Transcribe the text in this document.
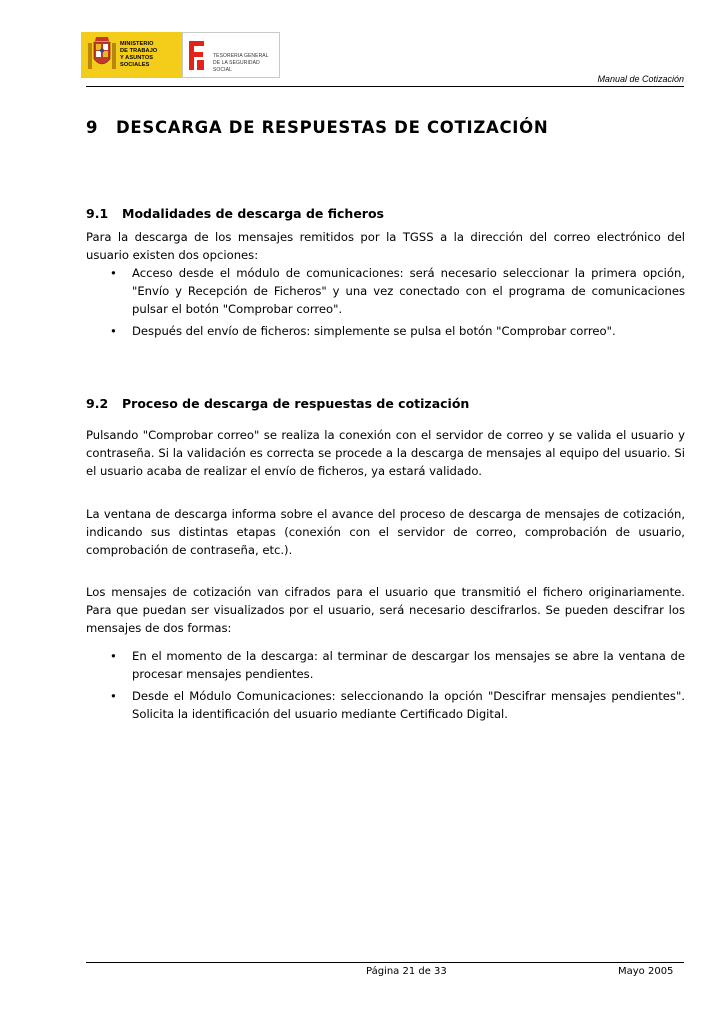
MINISTERIO
DE TRABAJO
Y ASUNTOS SOCIALES
TESORERIA GENERAL
DE LA SEGURIDAD SOCIAL
Manual de Cotización
9 DESCARGA DE RESPUESTAS DE COTIZACIÓN
9.1 Modalidades de descarga de ficheros

Para la descarga de los mensajes remitidos por la TGSS a la dirección del correo electrónico del usuario existen dos opciones:

• Acceso desde el módulo de comunicaciones: será necesario seleccionar la primera opción, "Envío y Recepción de Ficheros" y una vez conectado con el programa de comunicaciones pulsar el botón "Comprobar correo".
• Después del envío de ficheros: simplemente se pulsa el botón "Comprobar correo".
9.2 Proceso de descarga de respuestas de cotización

Pulsando "Comprobar correo" se realiza la conexión con el servidor de correo y se valida el usuario y contraseña. Si la validación es correcta se procede a la descarga de mensajes al equipo del usuario. Si el usuario acaba de realizar el envío de ficheros, ya estará validado.

La ventana de descarga informa sobre el avance del proceso de descarga de mensajes de cotización, indicando sus distintas etapas (conexión con el servidor de correo, comprobación de usuario, comprobación de contraseña, etc.).

Los mensajes de cotización van cifrados para el usuario que transmitió el fichero originariamente. Para que puedan ser visualizados por el usuario, será necesario descifrarlos. Se pueden descifrar los mensajes de dos formas:

• En el momento de la descarga: al terminar de descargar los mensajes se abre la ventana de procesar mensajes pendientes.
• Desde el Módulo Comunicaciones: seleccionando la opción "Descifrar mensajes pendientes". Solicita la identificación del usuario mediante Certificado Digital.
Página 21 de 33	Mayo 2005
